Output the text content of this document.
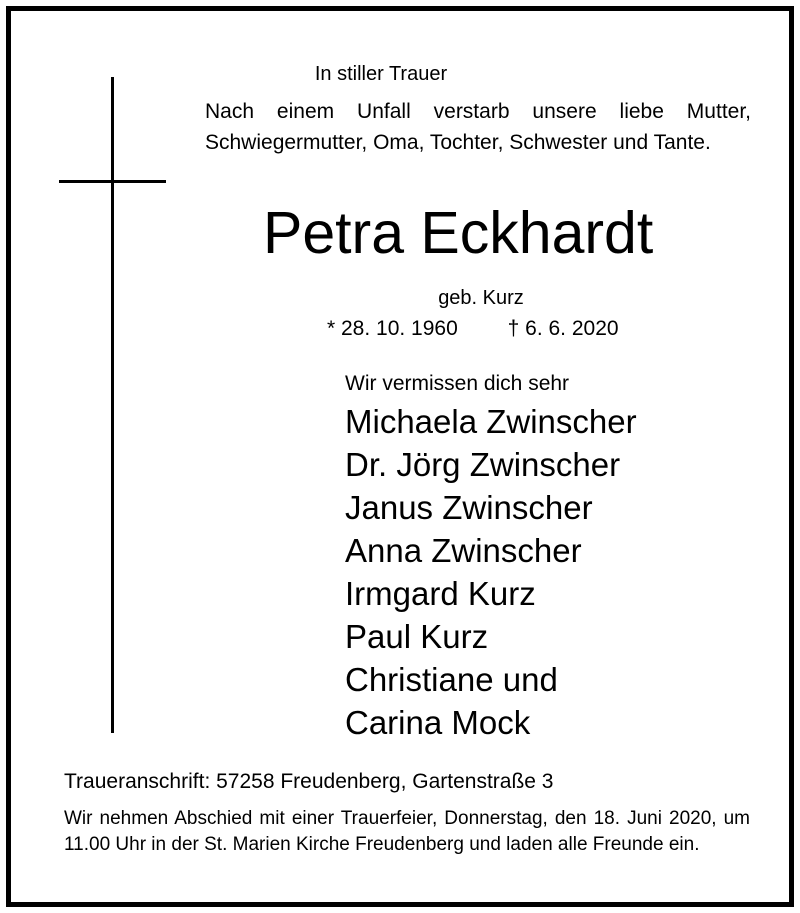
In stiller Trauer
Nach einem Unfall verstarb unsere liebe Mutter, Schwiegermutter, Oma, Tochter, Schwester und Tante.
Petra Eckhardt
geb. Kurz
* 28. 10. 1960 † 6. 6. 2020
Wir vermissen dich sehr
Michaela Zwinscher
Dr. Jörg Zwinscher
Janus Zwinscher
Anna Zwinscher
Irmgard Kurz
Paul Kurz
Christiane und
Carina Mock
Traueranschrift: 57258 Freudenberg, Gartenstraße 3
Wir nehmen Abschied mit einer Trauerfeier, Donnerstag, den 18. Juni 2020, um 11.00 Uhr in der St. Marien Kirche Freudenberg und laden alle Freunde ein.
